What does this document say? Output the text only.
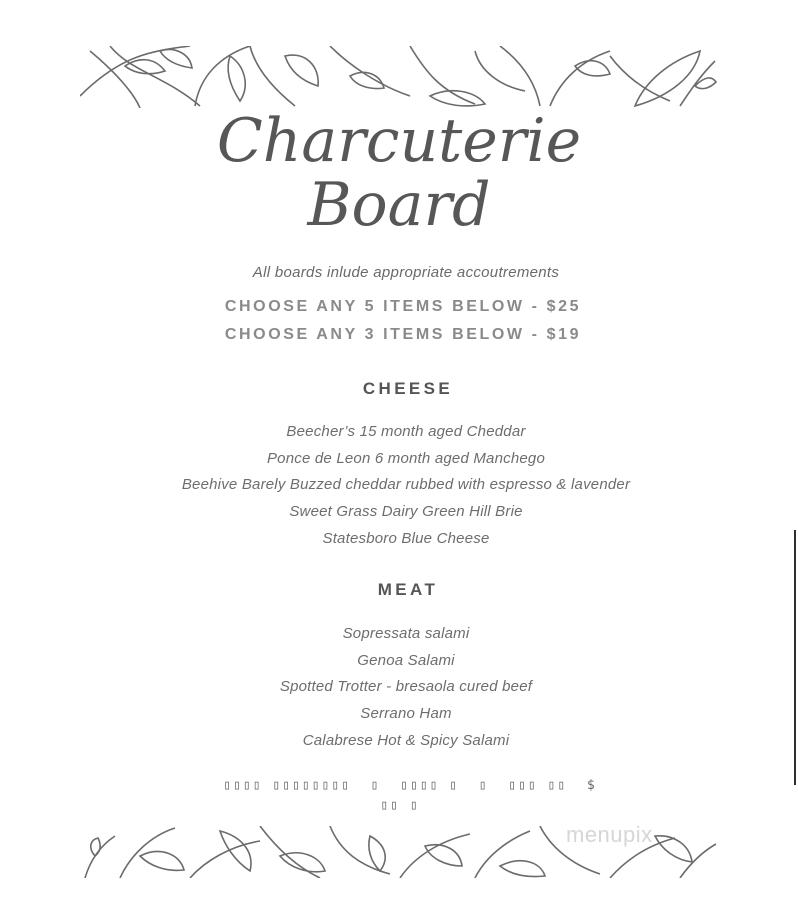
Charcuterie
Board
All boards inlude appropriate accoutrements
CHOOSE ANY 5 ITEMS BELOW - $25
CHOOSE ANY 3 ITEMS BELOW - $19
CHEESE
Beecher’s 15 month aged Cheddar
Ponce de Leon 6 month aged Manchego
Beehive Barely Buzzed cheddar rubbed with espresso & lavender
Sweet Grass Dairy Green Hill Brie
Statesboro Blue Cheese
MEAT
Sopressata salami
Genoa Salami
Spotted Trotter - bresaola cured beef
Serrano Ham
Calabrese Hot & Spicy Salami
▯▯▯▯ ▯▯▯▯▯▯▯▯  ▯  ▯▯▯▯ ▯  ▯  ▯▯▯ ▯▯  $
▯▯ ▯
menupix
